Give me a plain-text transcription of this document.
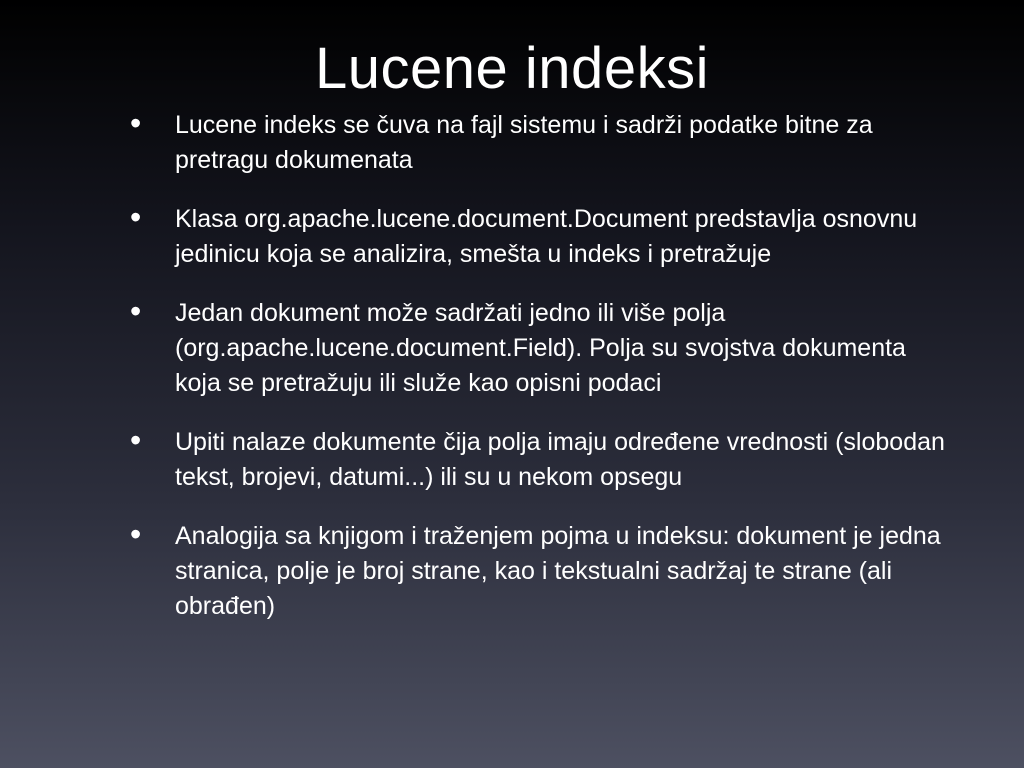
Lucene indeksi
• Lucene indeks se čuva na fajl sistemu i sadrži podatke bitne za pretragu dokumenata
• Klasa org.apache.lucene.document.Document predstavlja osnovnu jedinicu koja se analizira, smešta u indeks i pretražuje
• Jedan dokument može sadržati jedno ili više polja (org.apache.lucene.document.Field). Polja su svojstva dokumenta koja se pretražuju ili služe kao opisni podaci
• Upiti nalaze dokumente čija polja imaju određene vrednosti (slobodan tekst, brojevi, datumi...) ili su u nekom opsegu
• Analogija sa knjigom i traženjem pojma u indeksu: dokument je jedna stranica, polje je broj strane, kao i tekstualni sadržaj te strane (ali obrađen)
